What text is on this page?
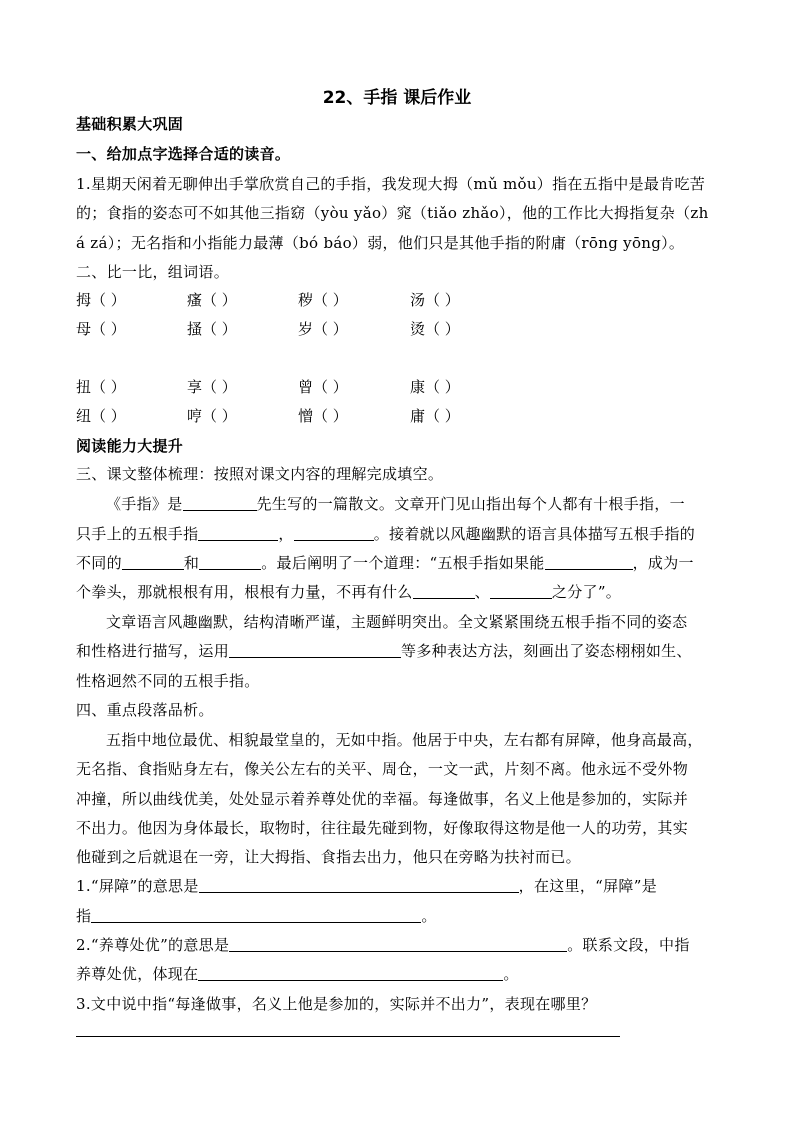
22、手指 课后作业
基础积累大巩固
一、给加点字选择合适的读音。
1.星期天闲着无聊伸出手掌欣赏自己的手指，我发现大拇（mǔ mǒu）指在五指中是最肯吃苦
的；食指的姿态可不如其他三指窈（yòu yǎo）窕（tiǎo zhǎo），他的工作比大拇指复杂（zh
á zá）；无名指和小指能力最薄（bó báo）弱，他们只是其他手指的附庸（rōng yōng）。
二、比一比，组词语。
拇（ ）	瘙（ ）	秽（ ）	汤（ ）
母（ ）	搔（ ）	岁（ ）	烫（ ）
扭（ ）	享（ ）	曾（ ）	康（ ）
纽（ ）	哼（ ）	憎（ ）	庸（ ）
阅读能力大提升
三、课文整体梳理：按照对课文内容的理解完成填空。
《手指》是	先生写的一篇散文。文章开门见山指出每个人都有十根手指，一
只手上的五根手指	，	。接着就以风趣幽默的语言具体描写五根手指的
不同的	和	。最后阐明了一个道理：“五根手指如果能	，成为一
个拳头，那就根根有用，根根有力量，不再有什么	、	之分了”。
文章语言风趣幽默，结构清晰严谨，主题鲜明突出。全文紧紧围绕五根手指不同的姿态
和性格进行描写，运用	等多种表达方法，刻画出了姿态栩栩如生、
性格迥然不同的五根手指。
四、重点段落品析。
五指中地位最优、相貌最堂皇的，无如中指。他居于中央，左右都有屏障，他身高最高，
无名指、食指贴身左右，像关公左右的关平、周仓，一文一武，片刻不离。他永远不受外物
冲撞，所以曲线优美，处处显示着养尊处优的幸福。每逢做事，名义上他是参加的，实际并
不出力。他因为身体最长，取物时，往往最先碰到物，好像取得这物是他一人的功劳，其实
他碰到之后就退在一旁，让大拇指、食指去出力，他只在旁略为扶衬而已。
1.“屏障”的意思是	，在这里，“屏障”是
指	。
2.“养尊处优”的意思是	。联系文段，中指
养尊处优，体现在	。
3.文中说中指“每逢做事，名义上他是参加的，实际并不出力”，表现在哪里？
